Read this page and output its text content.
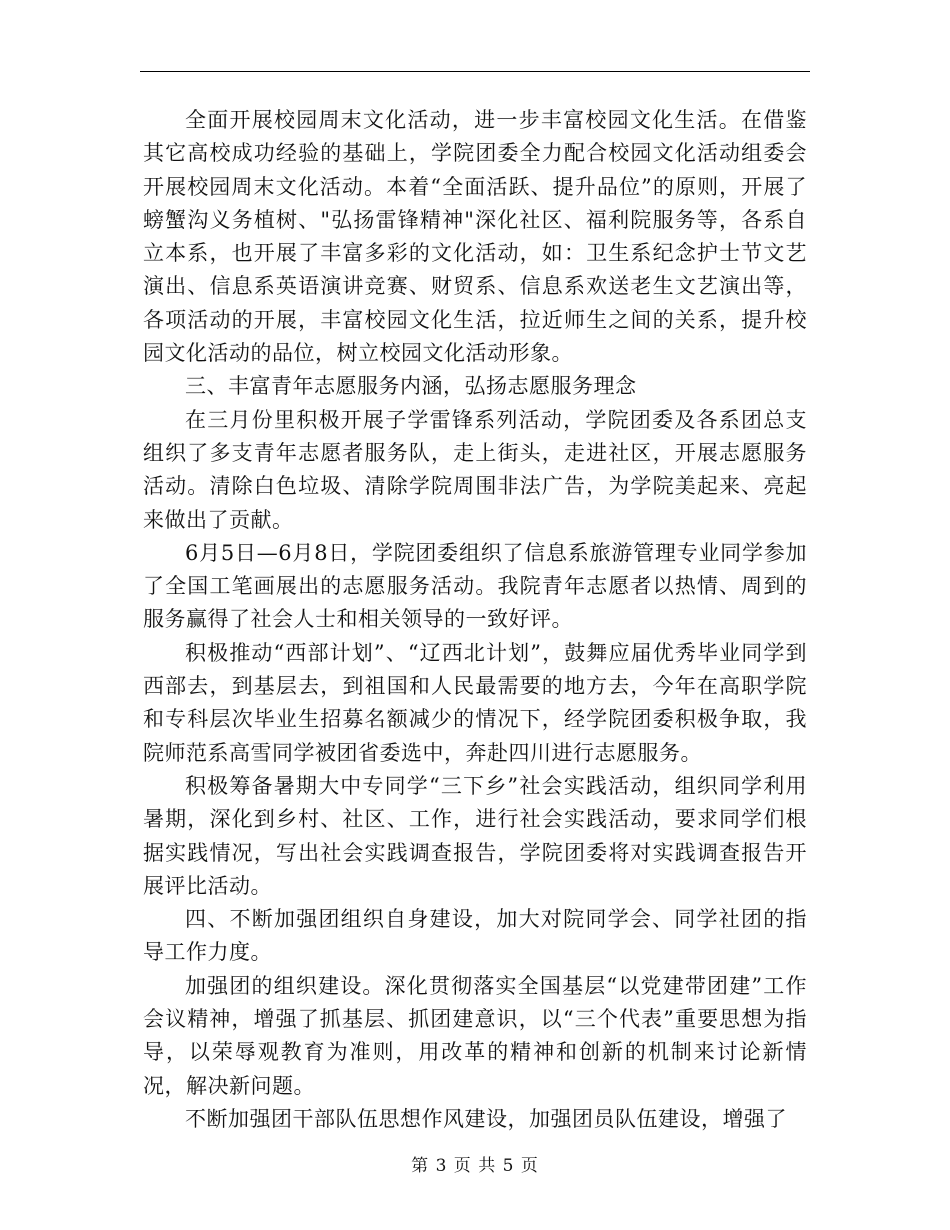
全面开展校园周末文化活动，进一步丰富校园文化生活。在借鉴其它高校成功经验的基础上，学院团委全力配合校园文化活动组委会开展校园周末文化活动。本着“全面活跃、提升品位”的原则，开展了螃蟹沟义务植树、"弘扬雷锋精神"深化社区、福利院服务等，各系自立本系，也开展了丰富多彩的文化活动，如：卫生系纪念护士节文艺演出、信息系英语演讲竞赛、财贸系、信息系欢送老生文艺演出等，各项活动的开展，丰富校园文化生活，拉近师生之间的关系，提升校园文化活动的品位，树立校园文化活动形象。

三、丰富青年志愿服务内涵，弘扬志愿服务理念

在三月份里积极开展子学雷锋系列活动，学院团委及各系团总支组织了多支青年志愿者服务队，走上街头，走进社区，开展志愿服务活动。清除白色垃圾、清除学院周围非法广告，为学院美起来、亮起来做出了贡献。

6月5日—6月8日，学院团委组织了信息系旅游管理专业同学参加了全国工笔画展出的志愿服务活动。我院青年志愿者以热情、周到的服务赢得了社会人士和相关领导的一致好评。

积极推动“西部计划”、“辽西北计划”，鼓舞应届优秀毕业同学到西部去，到基层去，到祖国和人民最需要的地方去，今年在高职学院和专科层次毕业生招募名额减少的情况下，经学院团委积极争取，我院师范系高雪同学被团省委选中，奔赴四川进行志愿服务。

积极筹备暑期大中专同学“三下乡”社会实践活动，组织同学利用暑期，深化到乡村、社区、工作，进行社会实践活动，要求同学们根据实践情况，写出社会实践调查报告，学院团委将对实践调查报告开展评比活动。

四、不断加强团组织自身建设，加大对院同学会、同学社团的指导工作力度。

加强团的组织建设。深化贯彻落实全国基层“以党建带团建”工作会议精神，增强了抓基层、抓团建意识，以“三个代表”重要思想为指导，以荣辱观教育为准则，用改革的精神和创新的机制来讨论新情况，解决新问题。

不断加强团干部队伍思想作风建设，加强团员队伍建设，增强了

第 3 页 共 5 页
